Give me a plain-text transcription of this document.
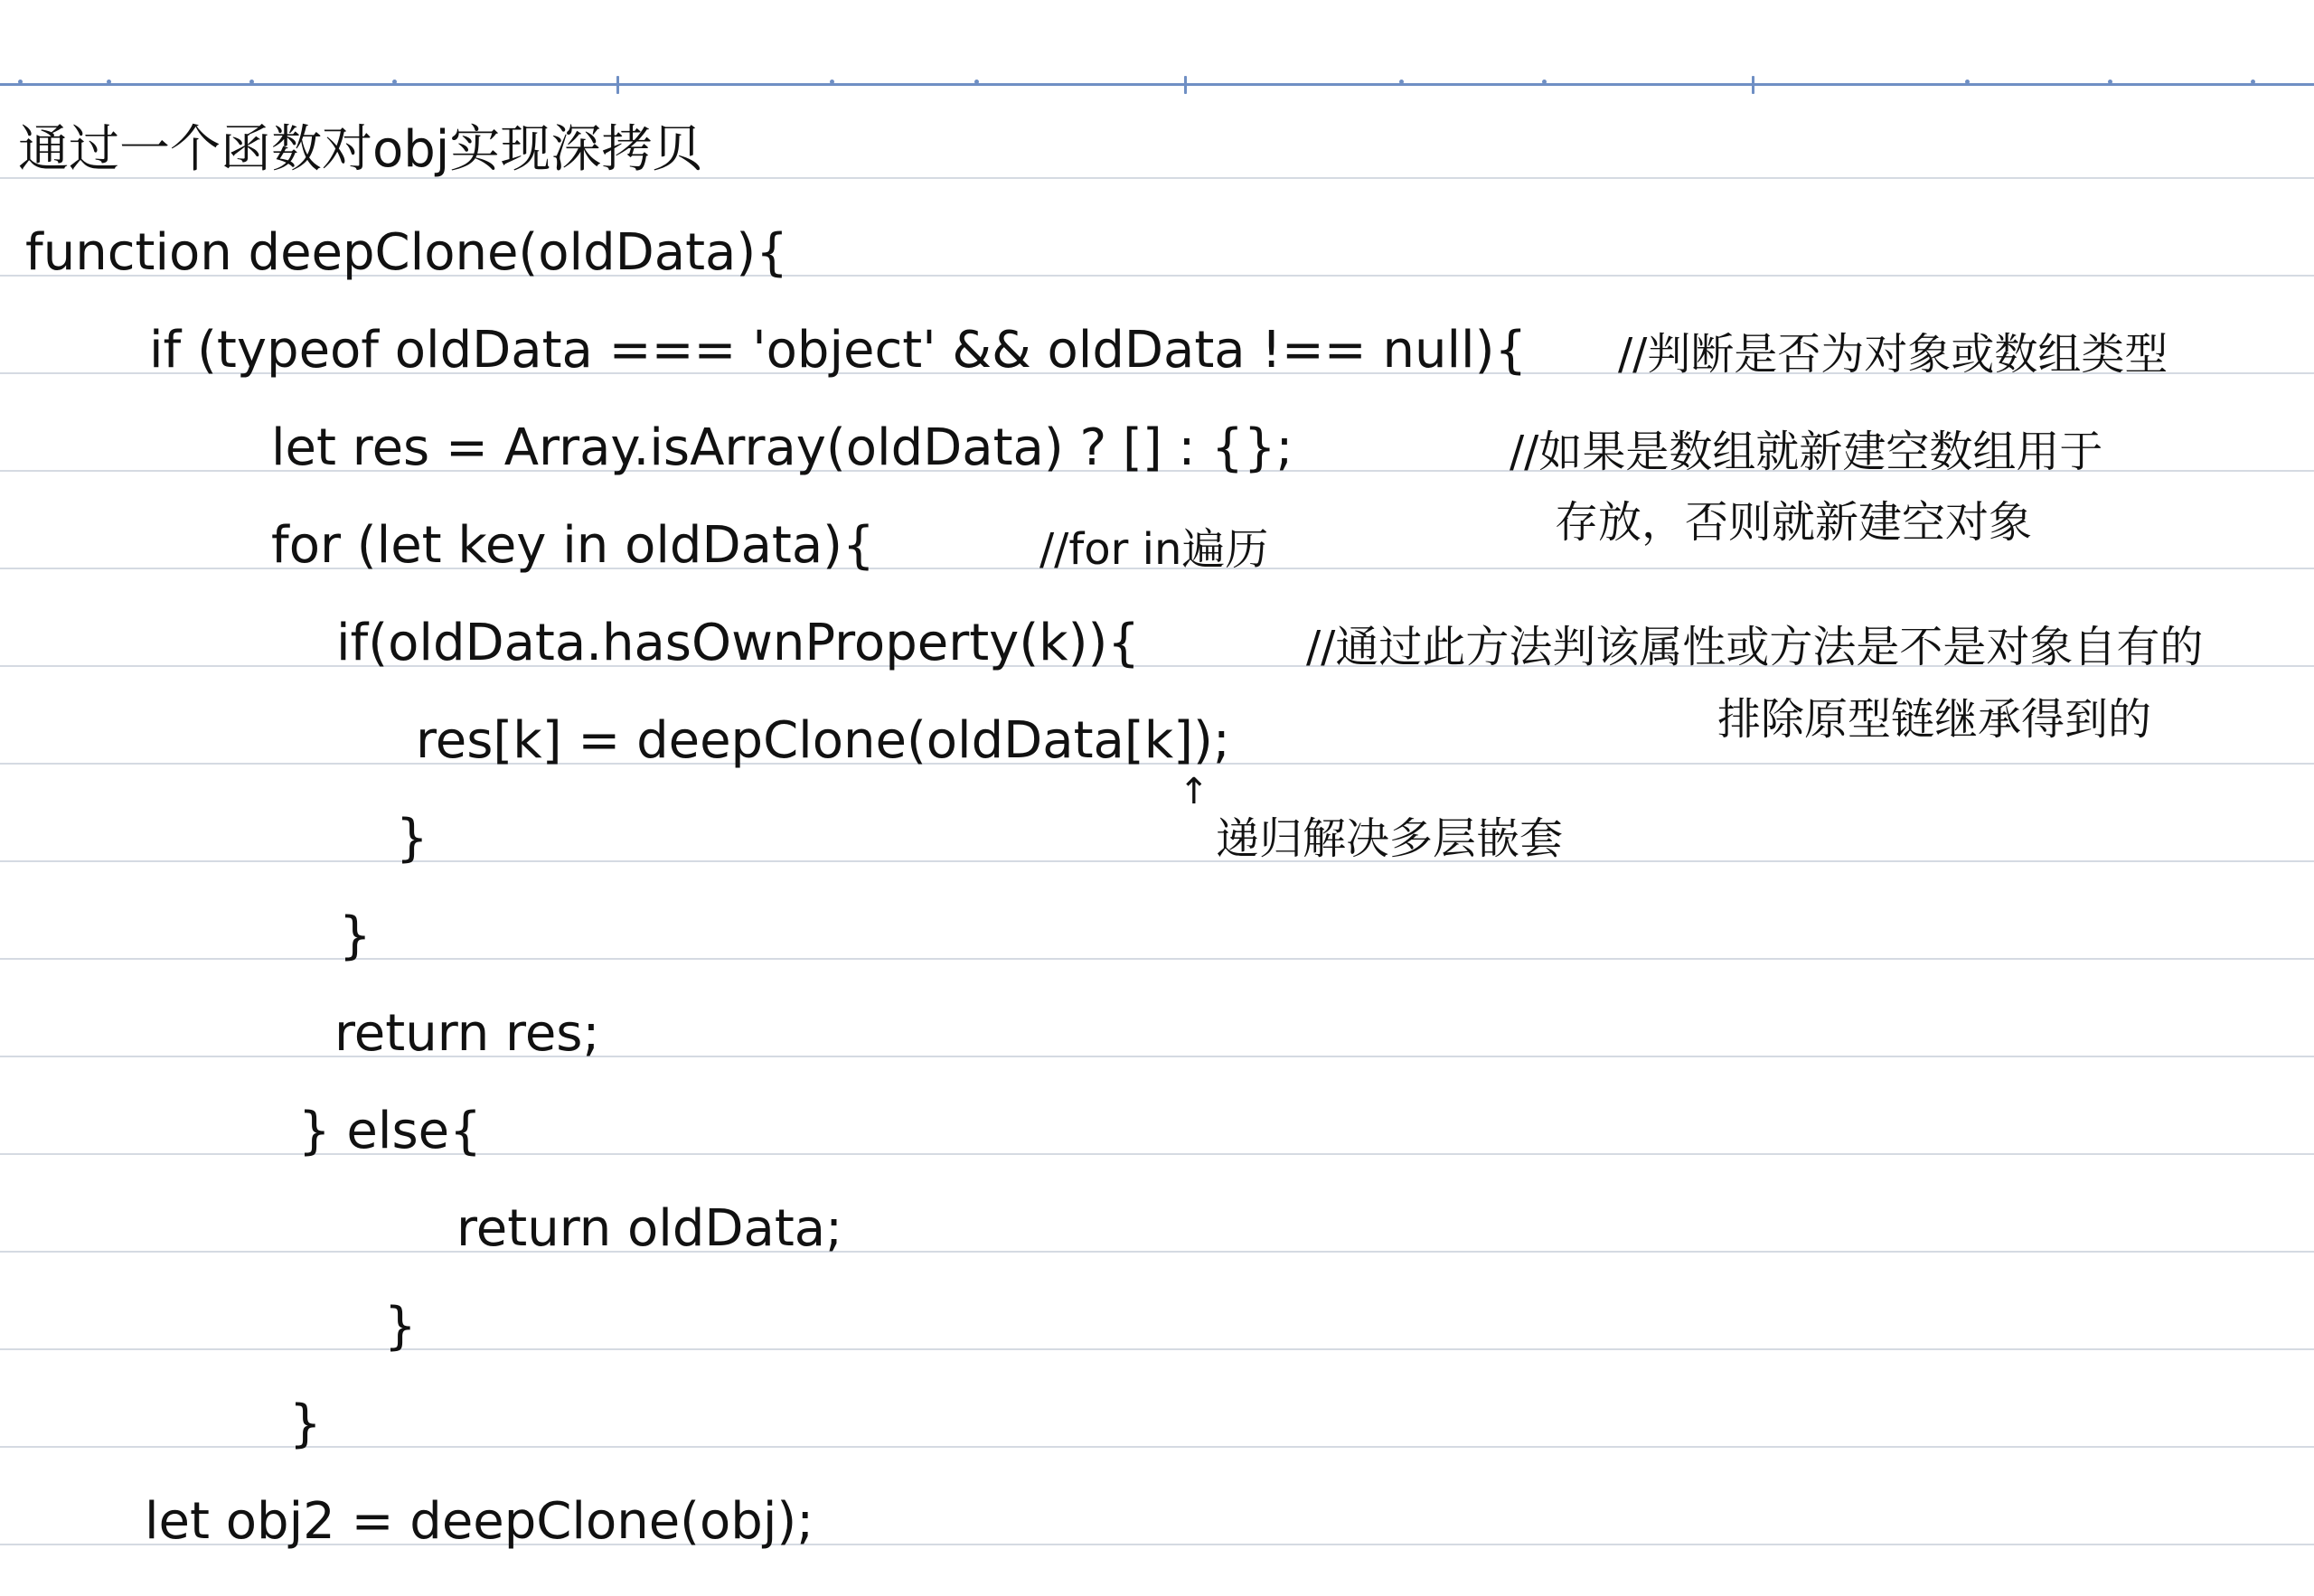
通过一个函数对obj实现深拷贝
function deepClone(oldData){
if (typeof oldData === 'object' && oldData !== null){
let res = Array.isArray(oldData) ? [] : {};
for (let key in oldData){
if(oldData.hasOwnProperty(k)){
res[k] = deepClone(oldData[k]);
}
}
return res;
} else{
return oldData;
}
}
let obj2 = deepClone(obj);
//判断是否为对象或数组类型
//如果是数组就新建空数组用于
存放，否则就新建空对象
//for in遍历
//通过此方法判该属性或方法是不是对象自有的
排除原型链继承得到的
↑
递归解决多层嵌套
